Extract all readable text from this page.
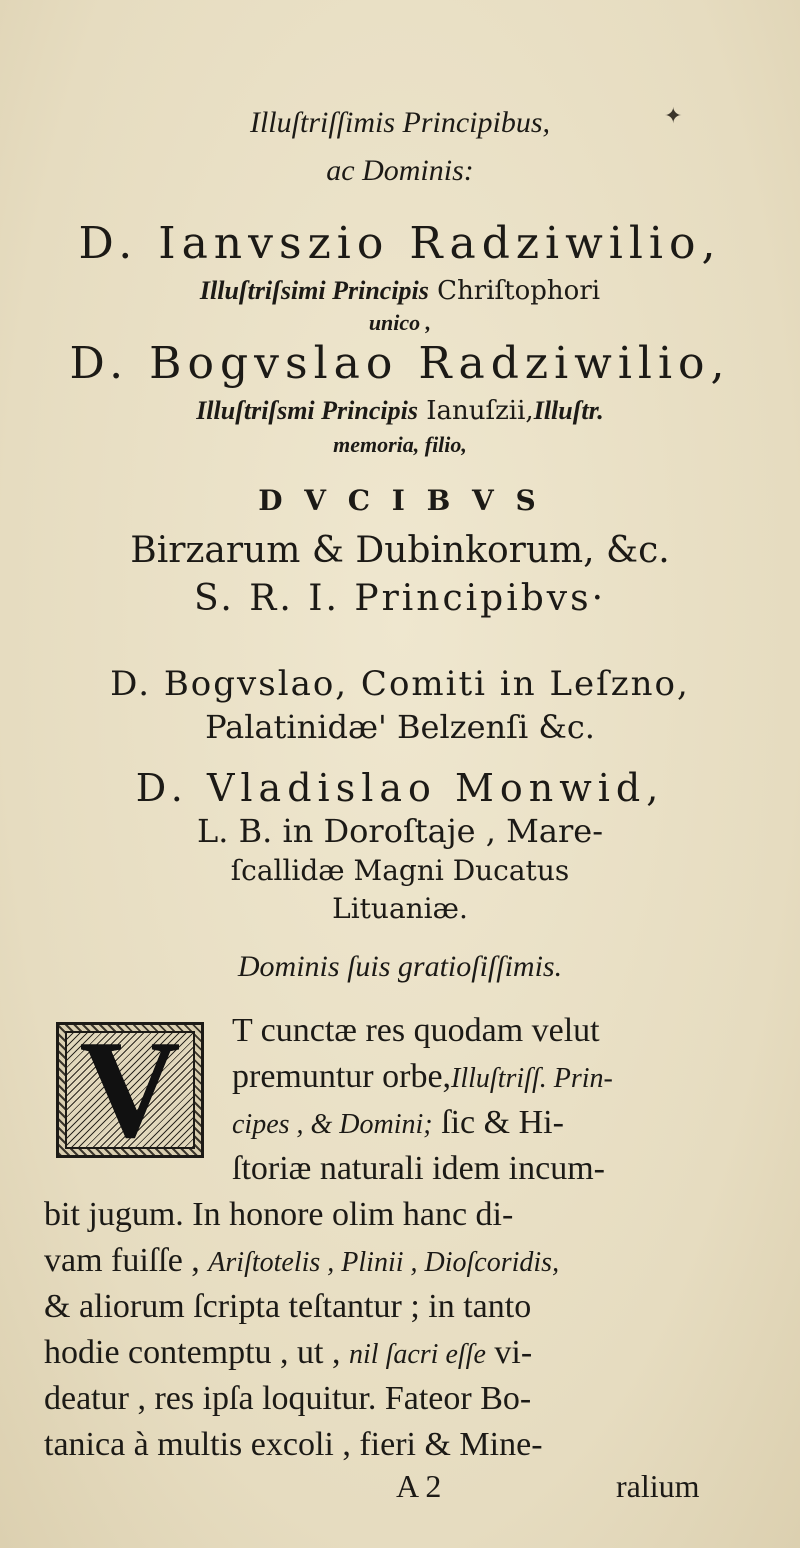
✦
Illuſtriſſimis Principibus,
ac Dominis:
D. Ianvszio Radziwilio,
Illuſtriſsimi Principis Chriſtophori
unico ,
D. Bogvslao Radziwilio,
Illuſtriſsmi Principis Ianuſzii,Illuſtr.
memoria, filio,
D V C I B V S
Birzarum & Dubinkorum, &c.
S. R. I. Principibvs·
D. Bogvslao, Comiti in Leſzno,
Palatinidæ' Belzenſi &c.
D. Vladislao Monwid,
L. B. in Doroſtaje , Mare-
ſcallidæ Magni Ducatus
Lituaniæ.
Dominis ſuis gratioſiſſimis.
V T cunctæ res quodam velut
premuntur orbe,Illuſtriſſ. Prin-
cipes , & Domini; ſic & Hi-
ſtoriæ naturali idem incum-
bit jugum. In honore olim hanc di-
vam fuiſſe , Ariſtotelis , Plinii , Dioſcoridis,
& aliorum ſcripta teſtantur ; in tanto
hodie contemptu , ut , nil ſacri eſſe vi-
deatur , res ipſa loquitur. Fateor Bo-
tanica à multis excoli , fieri & Mine-
A 2	ralium
